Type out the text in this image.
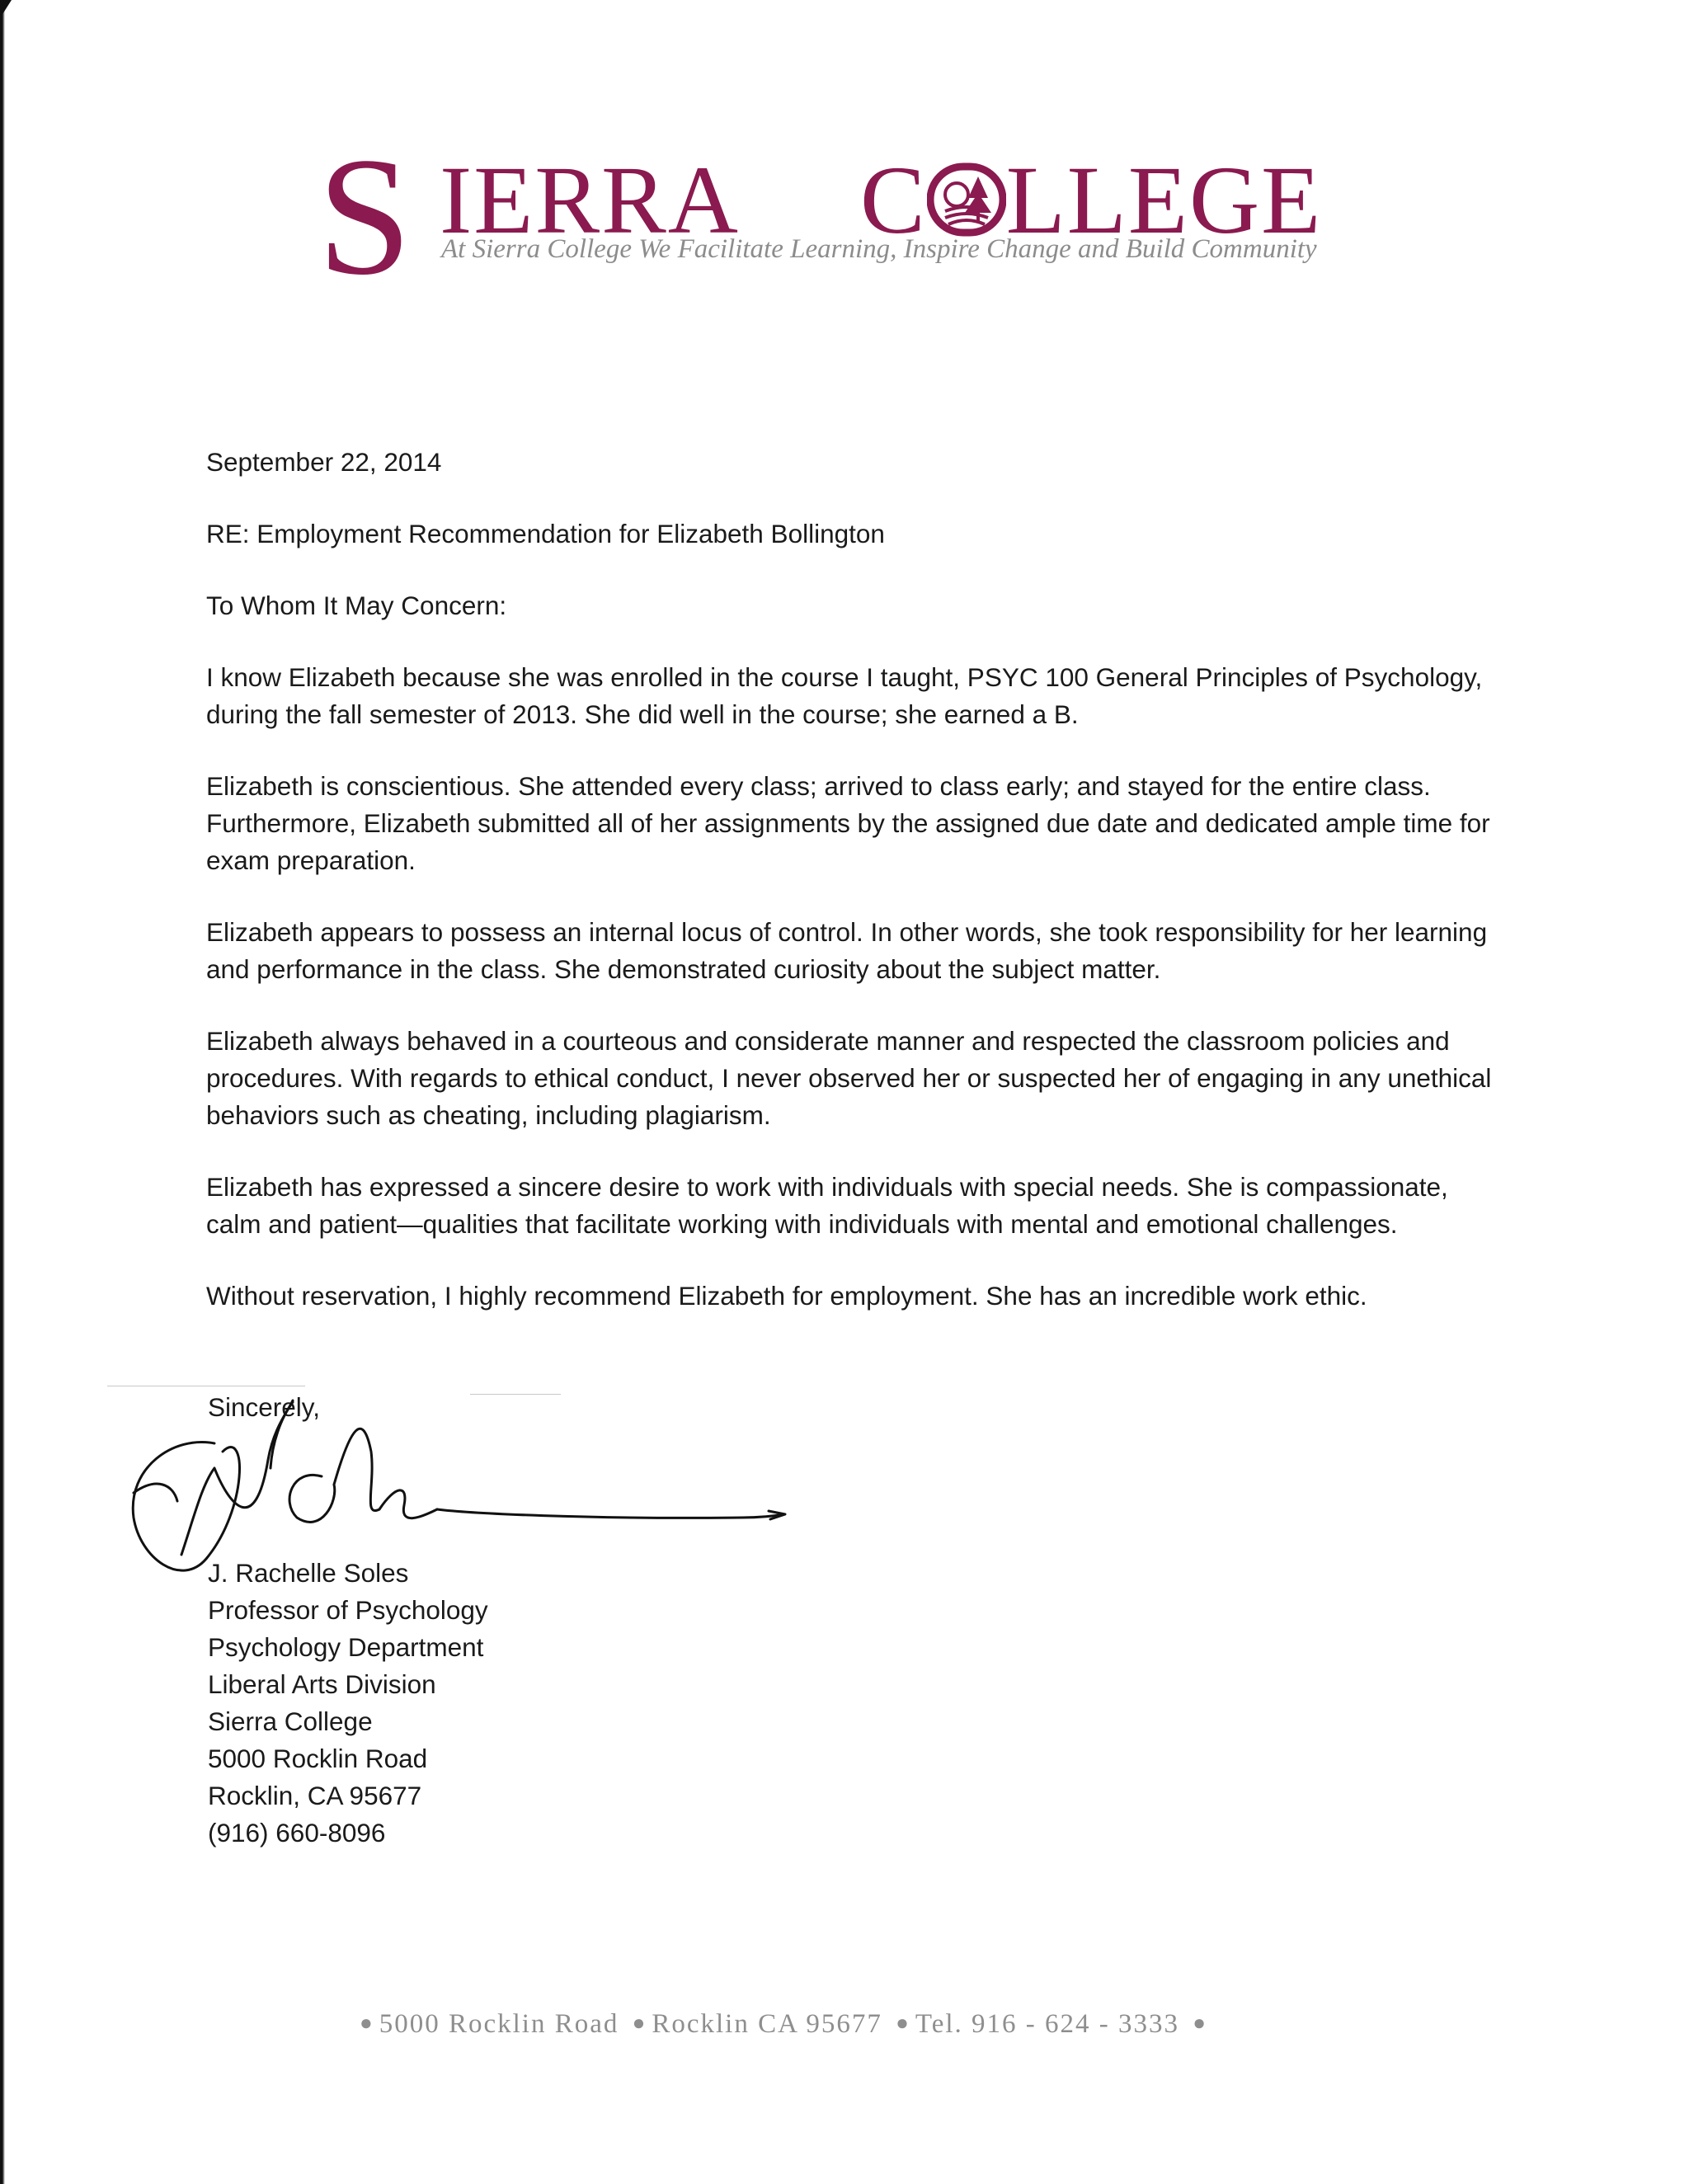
S IERRA C LLEGE
At Sierra College We Facilitate Learning, Inspire Change and Build Community

September 22, 2014

RE: Employment Recommendation for Elizabeth Bollington

To Whom It May Concern:

I know Elizabeth because she was enrolled in the course I taught, PSYC 100 General Principles of Psychology, during the fall semester of 2013. She did well in the course; she earned a B.

Elizabeth is conscientious. She attended every class; arrived to class early; and stayed for the entire class. Furthermore, Elizabeth submitted all of her assignments by the assigned due date and dedicated ample time for exam preparation.

Elizabeth appears to possess an internal locus of control. In other words, she took responsibility for her learning and performance in the class. She demonstrated curiosity about the subject matter.

Elizabeth always behaved in a courteous and considerate manner and respected the classroom policies and procedures. With regards to ethical conduct, I never observed her or suspected her of engaging in any unethical behaviors such as cheating, including plagiarism.

Elizabeth has expressed a sincere desire to work with individuals with special needs. She is compassionate, calm and patient—qualities that facilitate working with individuals with mental and emotional challenges.

Without reservation, I highly recommend Elizabeth for employment. She has an incredible work ethic.

Sincerely,
J. Rachelle Soles
Professor of Psychology
Psychology Department
Liberal Arts Division
Sierra College
5000 Rocklin Road
Rocklin, CA 95677
(916) 660-8096
● 5000 Rocklin Road ● Rocklin CA 95677 ● Tel. 916 - 624 - 3333 ●
